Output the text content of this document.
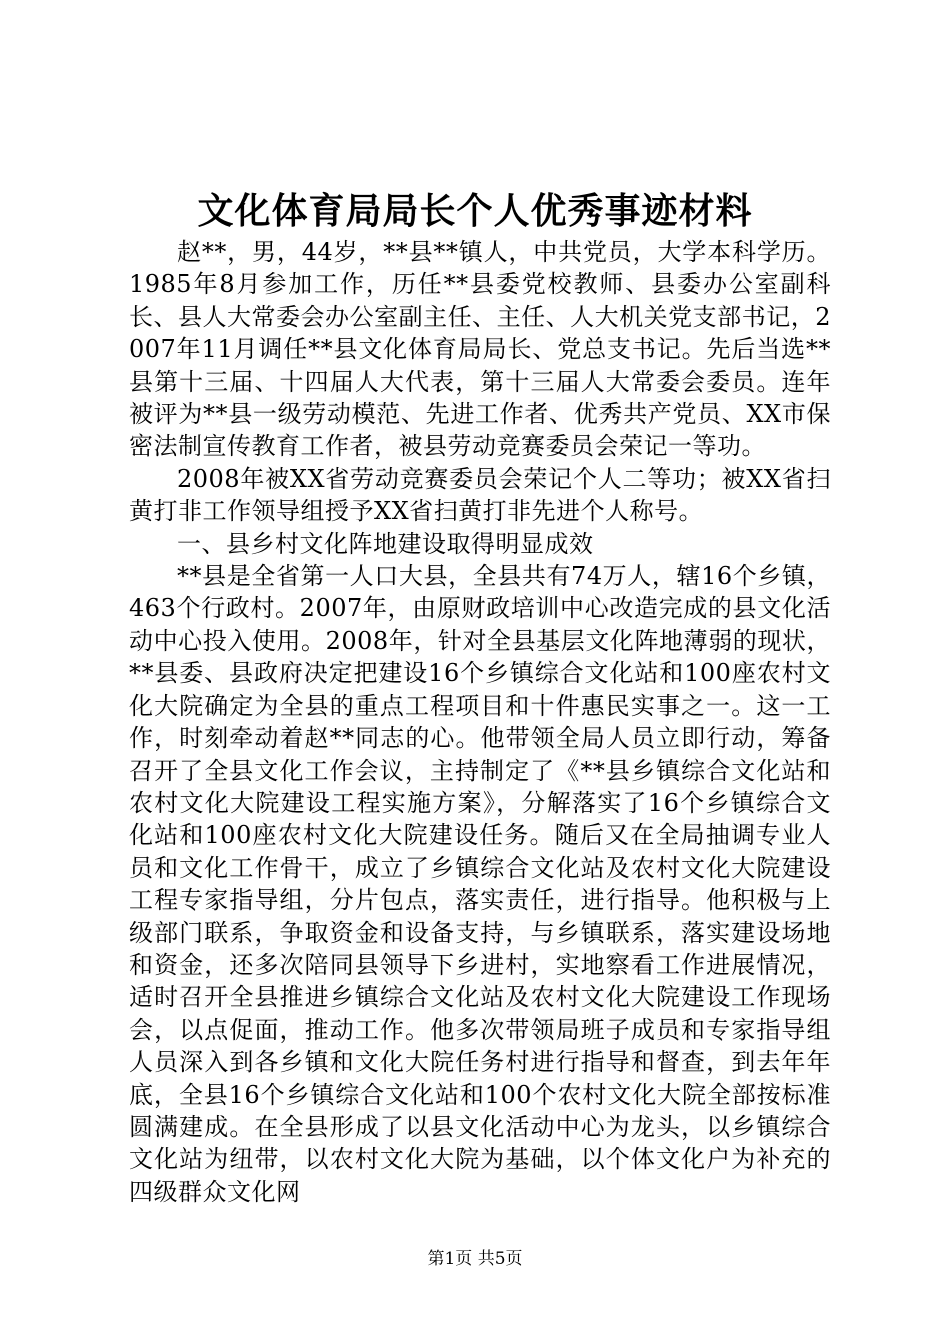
文化体育局局长个人优秀事迹材料

赵**，男，44岁，**县**镇人，中共党员，大学本科学历。1985年8月参加工作，历任**县委党校教师、县委办公室副科长、县人大常委会办公室副主任、主任、人大机关党支部书记，2007年11月调任**县文化体育局局长、党总支书记。先后当选**县第十三届、十四届人大代表，第十三届人大常委会委员。连年被评为**县一级劳动模范、先进工作者、优秀共产党员、XX市保密法制宣传教育工作者，被县劳动竞赛委员会荣记一等功。

2008年被XX省劳动竞赛委员会荣记个人二等功；被XX省扫黄打非工作领导组授予XX省扫黄打非先进个人称号。

一、县乡村文化阵地建设取得明显成效

**县是全省第一人口大县，全县共有74万人，辖16个乡镇，463个行政村。2007年，由原财政培训中心改造完成的县文化活动中心投入使用。2008年，针对全县基层文化阵地薄弱的现状，**县委、县政府决定把建设16个乡镇综合文化站和100座农村文化大院确定为全县的重点工程项目和十件惠民实事之一。这一工作，时刻牵动着赵**同志的心。他带领全局人员立即行动，筹备召开了全县文化工作会议，主持制定了《**县乡镇综合文化站和农村文化大院建设工程实施方案》，分解落实了16个乡镇综合文化站和100座农村文化大院建设任务。随后又在全局抽调专业人员和文化工作骨干，成立了乡镇综合文化站及农村文化大院建设工程专家指导组，分片包点，落实责任，进行指导。他积极与上级部门联系，争取资金和设备支持，与乡镇联系，落实建设场地和资金，还多次陪同县领导下乡进村，实地察看工作进展情况，适时召开全县推进乡镇综合文化站及农村文化大院建设工作现场会，以点促面，推动工作。他多次带领局班子成员和专家指导组人员深入到各乡镇和文化大院任务村进行指导和督查，到去年年底，全县16个乡镇综合文化站和100个农村文化大院全部按标准圆满建成。在全县形成了以县文化活动中心为龙头，以乡镇综合文化站为纽带，以农村文化大院为基础，以个体文化户为补充的四级群众文化网

第1页 共5页
